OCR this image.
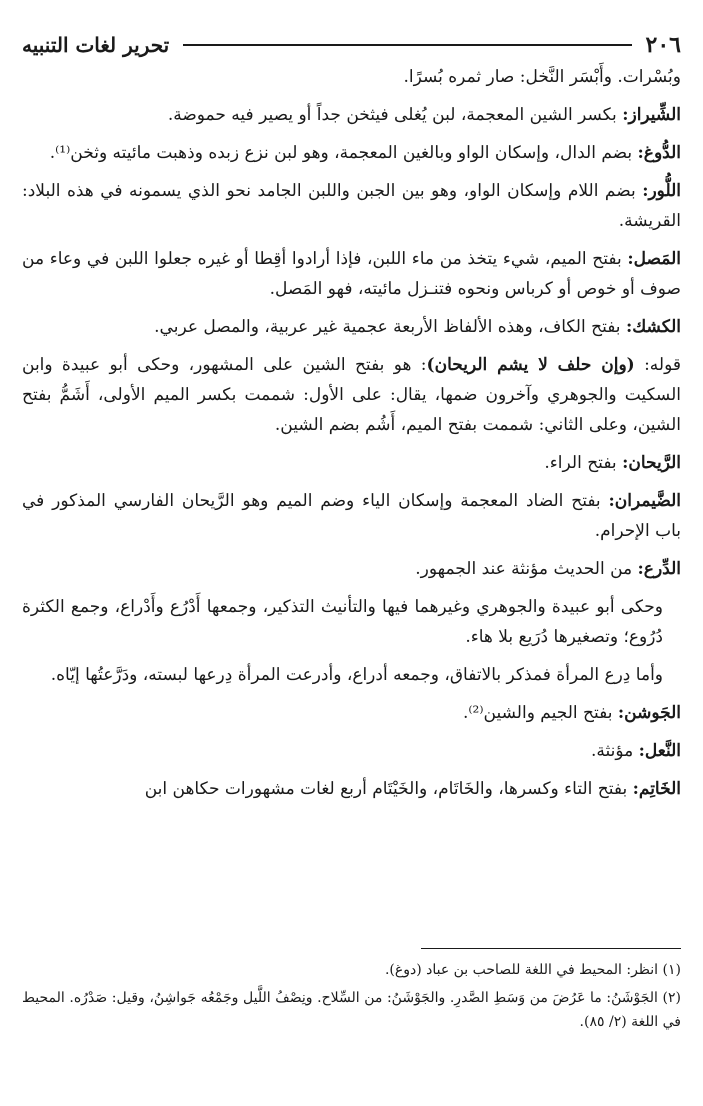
٢٠٦
تحرير لغات التنبيه

وبُسْرات. وأَبْسَر النَّخل: صار ثمره بُسرًا.

الشِّيراز: بكسر الشين المعجمة، لبن يُغلى فيثخن جداً أو يصير فيه حموضة.

الدُّوغ: بضم الدال، وإسكان الواو وبالغين المعجمة، وهو لبن نزع زبده وذهبت مائيته وثخن⁽¹⁾.

اللُّور: بضم اللام وإسكان الواو، وهو بين الجبن واللبن الجامد نحو الذي يسمونه في هذه البلاد: القريشة.

المَصل: بفتح الميم، شيء يتخذ من ماء اللبن، فإذا أرادوا أقِطا أو غيره جعلوا اللبن في وعاء من صوف أو خوص أو كرباس ونحوه فتنـزل مائيته، فهو المَصل.

الكشك: بفتح الكاف، وهذه الألفاظ الأربعة عجمية غير عربية، والمصل عربي.

قوله: (وإن حلف لا يشم الريحان): هو بفتح الشين على المشهور، وحكى أبو عبيدة وابن السكيت والجوهري وآخرون ضمها، يقال: على الأول: شممت بكسر الميم الأولى، أَشَمُّ بفتح الشين، وعلى الثاني: شممت بفتح الميم، أَشُم بضم الشين.

الرَّيحان: بفتح الراء.

الضَّيمران: بفتح الضاد المعجمة وإسكان الياء وضم الميم وهو الرَّيحان الفارسي المذكور في باب الإحرام.

الدِّرع: من الحديث مؤنثة عند الجمهور.

وحكى أبو عبيدة والجوهري وغيرهما فيها والتأنيث التذكير، وجمعها أَدْرُع وأَدْراع، وجمع الكثرة دُرُوع؛ وتصغيرها دُرَيع بلا هاء.

وأما دِرع المرأة فمذكر بالاتفاق، وجمعه أدراع، وأدرعت المرأة دِرعها لبسته، ودَرَّعتُها إيّاه.

الجَوشن: بفتح الجيم والشين⁽²⁾.

النَّعل: مؤنثة.

الخَاتِم: بفتح التاء وكسرها، والخَاتَام، والخَيْتَام أربع لغات مشهورات حكاهن ابن

(١) انظر: المحيط في اللغة للصاحب بن عباد (دوغ).

(٢) الجَوْشَنُ: ما عَرُضَ من وَسَطِ الصَّدرِ. والجَوْشَنُ: من السِّلاح. ونِصْفُ اللَّيل وجَمْعُه جَواشِنُ، وقيل: صَدْرُه. المحيط في اللغة (٢/ ٨٥).
